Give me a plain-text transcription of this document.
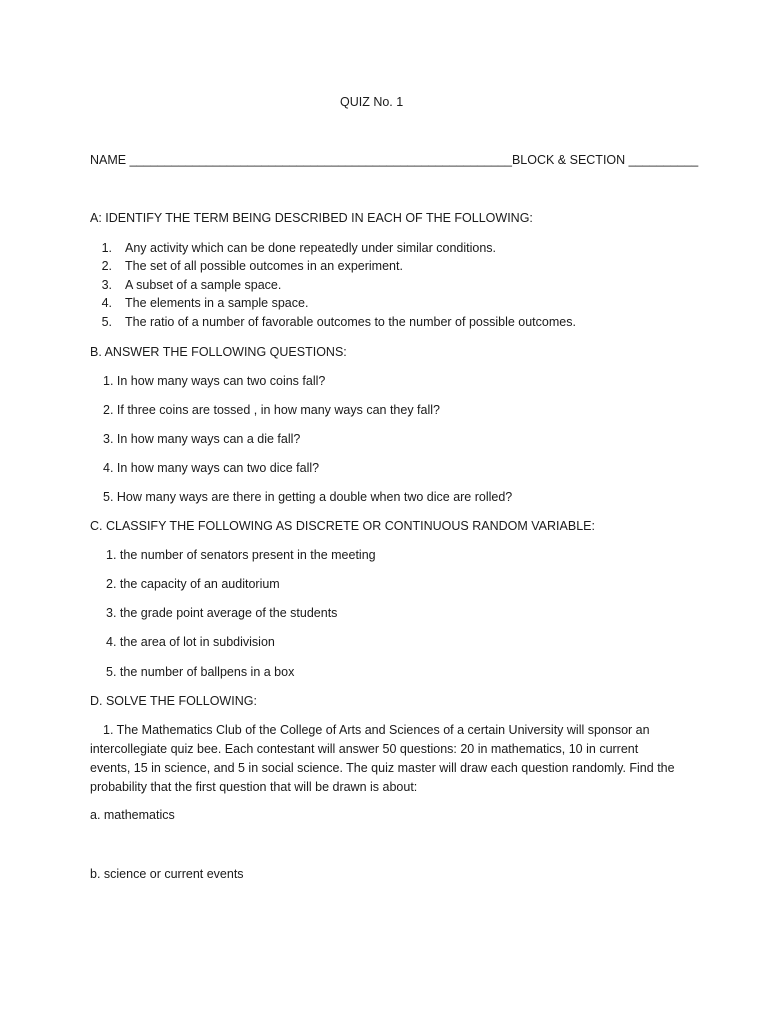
QUIZ No. 1
NAME _______________________________________________________BLOCK & SECTION __________
A: IDENTIFY THE TERM BEING DESCRIBED IN EACH OF THE FOLLOWING:
1. Any activity which can be done repeatedly under similar conditions.
2. The set of all possible outcomes in an experiment.
3. A subset of a sample space.
4. The elements in a sample space.
5. The ratio of a number of favorable outcomes to the number of possible outcomes.
B. ANSWER THE FOLLOWING QUESTIONS:
1. In how many ways can two coins fall?
2. If three coins are tossed , in how many ways can they fall?
3. In how many ways can a die fall?
4. In how many ways can two dice fall?
5. How many ways are there in getting a double when two dice are rolled?
C. CLASSIFY THE FOLLOWING AS DISCRETE OR CONTINUOUS RANDOM VARIABLE:
1. the number of senators present in the meeting
2. the capacity of an auditorium
3. the grade point average of the students
4. the area of lot in subdivision
5. the number of ballpens in a box
D. SOLVE THE FOLLOWING:
1. The Mathematics Club of the College of Arts and Sciences of a certain University will sponsor an intercollegiate quiz bee. Each contestant will answer 50 questions: 20 in mathematics, 10 in current events, 15 in science, and 5 in social science. The quiz master will draw each question randomly. Find the probability that the first question that will be drawn is about:
a. mathematics
b. science or current events
